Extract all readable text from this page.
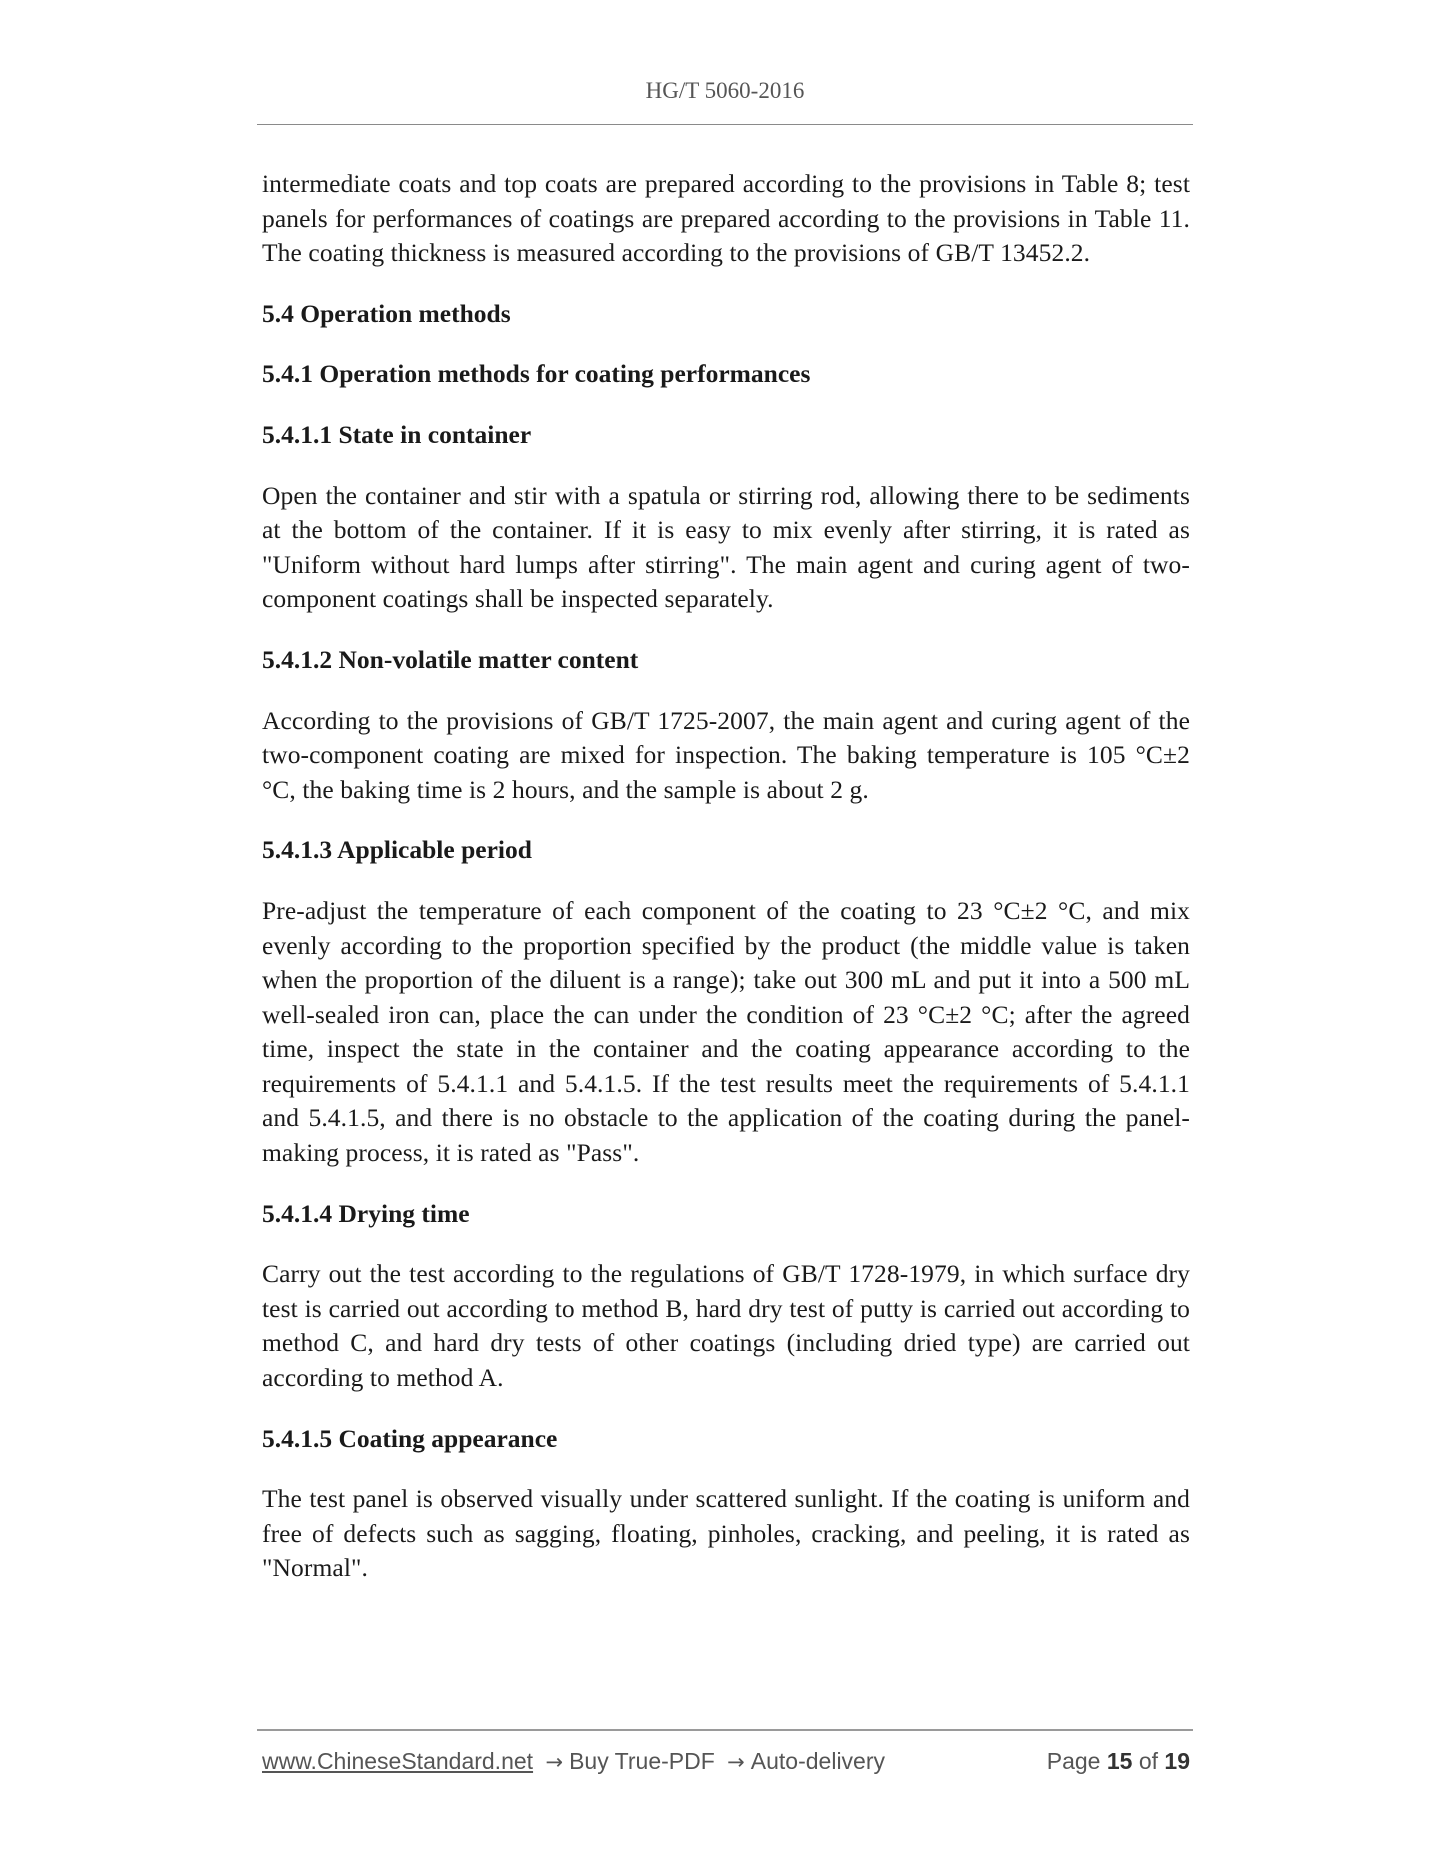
HG/T 5060-2016

intermediate coats and top coats are prepared according to the provisions in Table 8; test panels for performances of coatings are prepared according to the provisions in Table 11. The coating thickness is measured according to the provisions of GB/T 13452.2.

5.4 Operation methods

5.4.1 Operation methods for coating performances

5.4.1.1 State in container

Open the container and stir with a spatula or stirring rod, allowing there to be sediments at the bottom of the container. If it is easy to mix evenly after stirring, it is rated as "Uniform without hard lumps after stirring". The main agent and curing agent of two-component coatings shall be inspected separately.

5.4.1.2 Non-volatile matter content

According to the provisions of GB/T 1725-2007, the main agent and curing agent of the two-component coating are mixed for inspection. The baking temperature is 105 °C±2 °C, the baking time is 2 hours, and the sample is about 2 g.

5.4.1.3 Applicable period

Pre-adjust the temperature of each component of the coating to 23 °C±2 °C, and mix evenly according to the proportion specified by the product (the middle value is taken when the proportion of the diluent is a range); take out 300 mL and put it into a 500 mL well-sealed iron can, place the can under the condition of 23 °C±2 °C; after the agreed time, inspect the state in the container and the coating appearance according to the requirements of 5.4.1.1 and 5.4.1.5. If the test results meet the requirements of 5.4.1.1 and 5.4.1.5, and there is no obstacle to the application of the coating during the panel-making process, it is rated as "Pass".

5.4.1.4 Drying time

Carry out the test according to the regulations of GB/T 1728-1979, in which surface dry test is carried out according to method B, hard dry test of putty is carried out according to method C, and hard dry tests of other coatings (including dried type) are carried out according to method A.

5.4.1.5 Coating appearance

The test panel is observed visually under scattered sunlight. If the coating is uniform and free of defects such as sagging, floating, pinholes, cracking, and peeling, it is rated as "Normal".

www.ChineseStandard.net → Buy True-PDF → Auto-delivery	Page 15 of 19
